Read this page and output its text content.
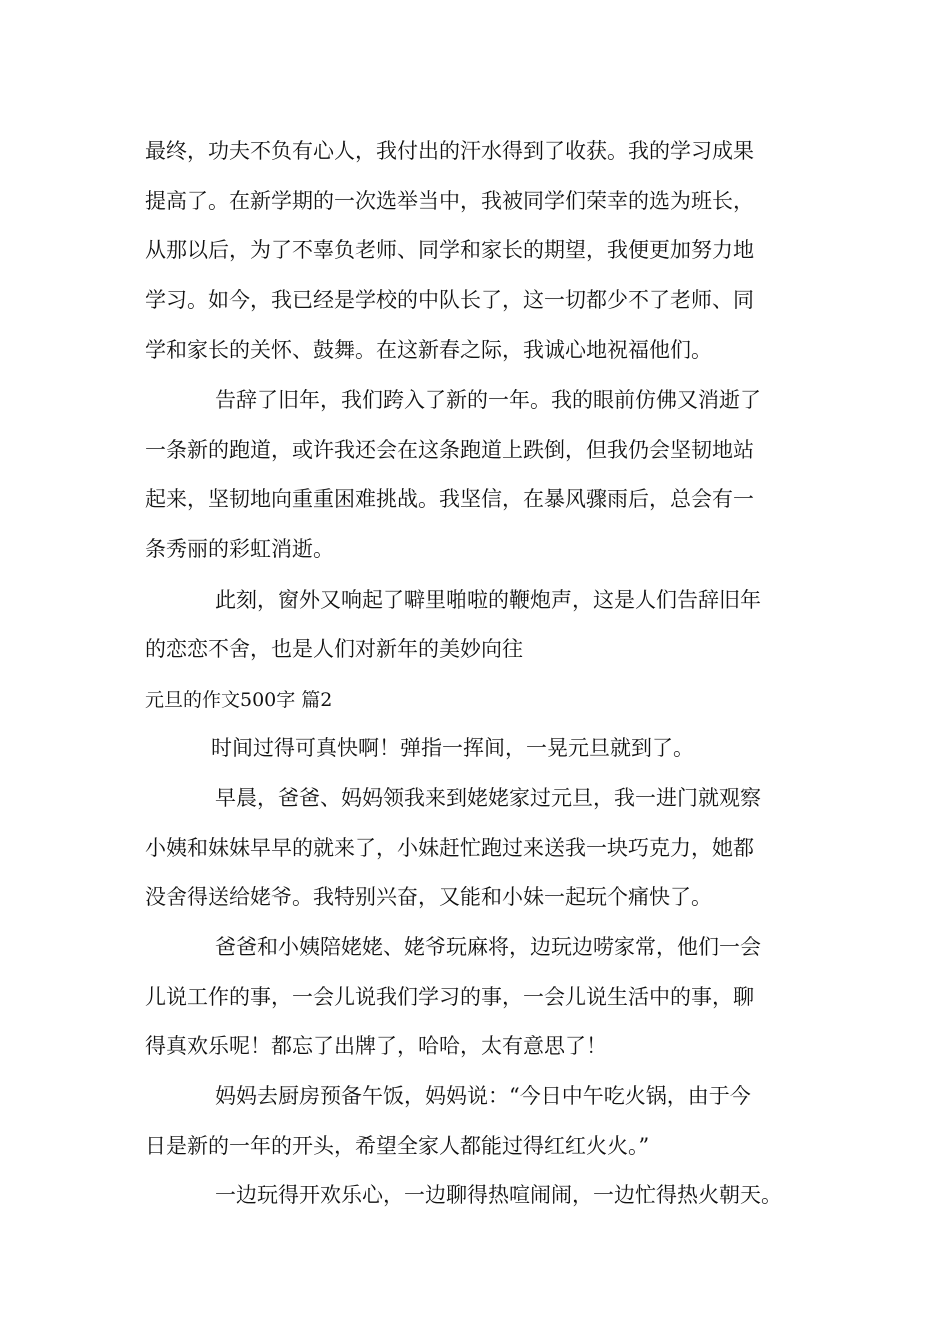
最终，功夫不负有心人，我付出的汗水得到了收获。我的学习成果
提高了。在新学期的一次选举当中，我被同学们荣幸的选为班长，
从那以后，为了不辜负老师、同学和家长的期望，我便更加努力地
学习。如今，我已经是学校的中队长了，这一切都少不了老师、同
学和家长的关怀、鼓舞。在这新春之际，我诚心地祝福他们。
告辞了旧年，我们跨入了新的一年。我的眼前仿佛又消逝了
一条新的跑道，或许我还会在这条跑道上跌倒，但我仍会坚韧地站
起来，坚韧地向重重困难挑战。我坚信，在暴风骤雨后，总会有一
条秀丽的彩虹消逝。
此刻，窗外又响起了噼里啪啦的鞭炮声，这是人们告辞旧年
的恋恋不舍，也是人们对新年的美妙向往
元旦的作文500字 篇2
时间过得可真快啊！弹指一挥间，一晃元旦就到了。
早晨，爸爸、妈妈领我来到姥姥家过元旦，我一进门就观察
小姨和妹妹早早的就来了，小妹赶忙跑过来送我一块巧克力，她都
没舍得送给姥爷。我特别兴奋，又能和小妹一起玩个痛快了。
爸爸和小姨陪姥姥、姥爷玩麻将，边玩边唠家常，他们一会
儿说工作的事，一会儿说我们学习的事，一会儿说生活中的事，聊
得真欢乐呢！都忘了出牌了，哈哈，太有意思了！
妈妈去厨房预备午饭，妈妈说：“今日中午吃火锅，由于今
日是新的一年的开头，希望全家人都能过得红红火火。”
一边玩得开欢乐心，一边聊得热喧闹闹，一边忙得热火朝天。
